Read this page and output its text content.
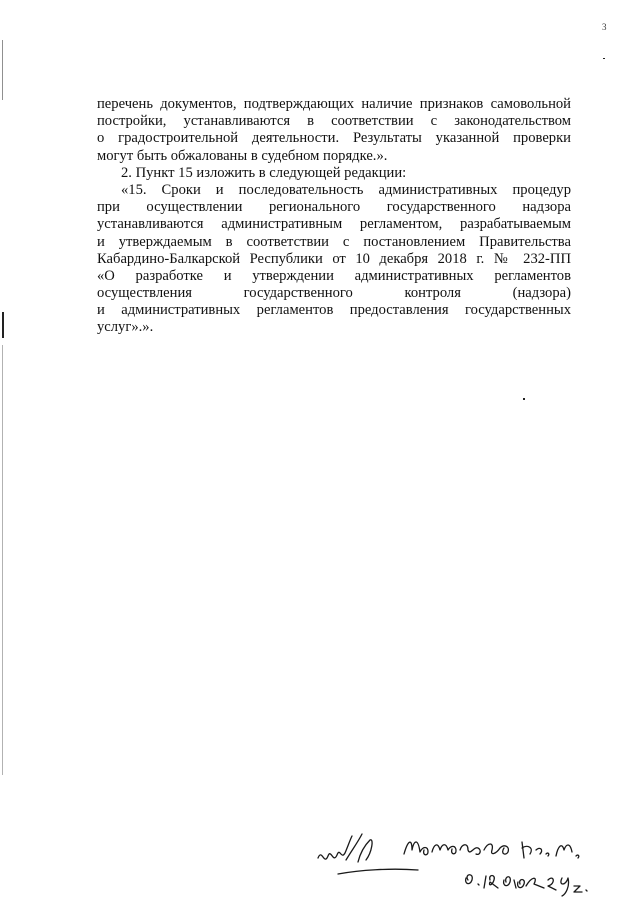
3
перечень документов, подтверждающих наличие признаков самовольной
постройки, устанавливаются в соответствии с законодательством
о градостроительной деятельности. Результаты указанной проверки
могут быть обжалованы в судебном порядке.».
2. Пункт 15 изложить в следующей редакции:
«15. Сроки и последовательность административных процедур
при осуществлении регионального государственного надзора
устанавливаются административным регламентом, разрабатываемым
и утверждаемым в соответствии с постановлением Правительства
Кабардино-Балкарской Республики от 10 декабря 2018 г. № 232-ПП
«О разработке и утверждении административных регламентов
осуществления государственного контроля (надзора)
и административных регламентов предоставления государственных
услуг».».
